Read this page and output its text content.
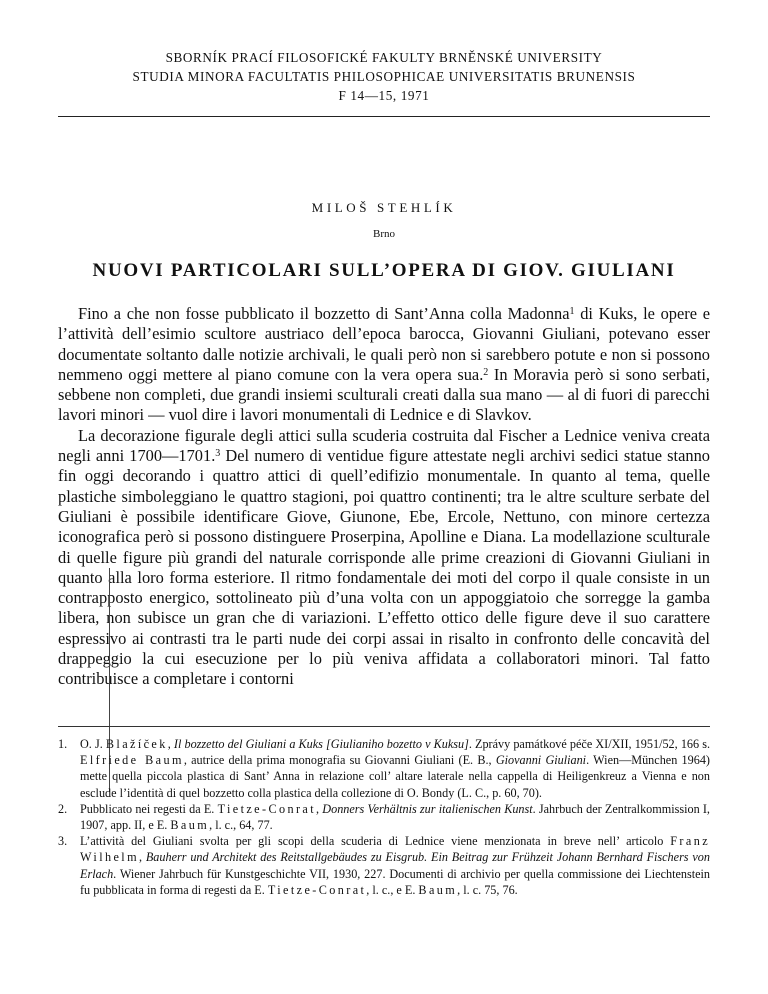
SBORNÍK PRACÍ FILOSOFICKÉ FAKULTY BRNĚNSKÉ UNIVERSITY
STUDIA MINORA FACULTATIS PHILOSOPHICAE UNIVERSITATIS BRUNENSIS
F 14—15, 1971
MILOŠ STEHLÍK
Brno
NUOVI PARTICOLARI SULL’OPERA DI GIOV. GIULIANI

Fino a che non fosse pubblicato il bozzetto di Sant’Anna colla Madonna$^1$ di Kuks, le opere e l’attività dell’esimio scultore austriaco dell’epoca barocca, Giovanni Giuliani, potevano esser documentate soltanto dalle notizie archivali, le quali però non si sarebbero potute e non si possono nemmeno oggi mettere al piano comune con la vera opera sua.$^2$ In Moravia però si sono serbati, sebbene non completi, due grandi insiemi sculturali creati dalla sua mano — al di fuori di parecchi lavori minori — vuol dire i lavori monumentali di Lednice e di Slavkov.

La decorazione figurale degli attici sulla scuderia costruita dal Fischer a Lednice veniva creata negli anni 1700—1701.$^3$ Del numero di ventidue figure attestate negli archivi sedici statue stanno fin oggi decorando i quattro attici di quell’edifizio monumentale. In quanto al tema, quelle plastiche simboleggiano le quattro stagioni, poi quattro continenti; tra le altre sculture serbate del Giuliani è possibile identificare Giove, Giunone, Ebe, Ercole, Nettuno, con minore certezza iconografica però si possono distinguere Proserpina, Apolline e Diana. La modellazione sculturale di quelle figure più grandi del naturale corrisponde alle prime creazioni di Giovanni Giuliani in quanto alla loro forma esteriore. Il ritmo fondamentale dei moti del corpo il quale consiste in un contrapposto energico, sottolineato più d’una volta con un appoggiatoio che sorregge la gamba libera, non subisce un gran che di variazioni. L’effetto ottico delle figure deve il suo carattere espressivo ai contrasti tra le parti nude dei corpi assai in risalto in confronto delle concavità del drappeggio la cui esecuzione per lo più veniva affidata a collaboratori minori. Tal fatto contribuisce a completare i contorni

1.	O. J. Blažíček, Il bozzetto del Giuliani a Kuks [Giulianiho bozetto v Kuksu]. Zprávy památkové péče XI/XII, 1951/52, 166 s. Elfriede Baum, autrice della prima monografia su Giovanni Giuliani (E. B., Giovanni Giuliani. Wien—München 1964) mette quella piccola plastica di Sant’ Anna in relazione coll’ altare laterale nella cappella di Heiligenkreuz a Vienna e non esclude l’identità di quel bozzetto colla plastica della collezione di O. Bondy (L. C., p. 60, 70).
2.	Pubblicato nei regesti da E. Tietze-Conrat, Donners Verhältnis zur italienischen Kunst. Jahrbuch der Zentralkommission I, 1907, app. II, e E. Baum, l. c., 64, 77.
3.	L’attività del Giuliani svolta per gli scopi della scuderia di Lednice viene menzionata in breve nell’ articolo Franz Wilhelm, Bauherr und Architekt des Reitstallgebäudes zu Eisgrub. Ein Beitrag zur Frühzeit Johann Bernhard Fischers von Erlach. Wiener Jahrbuch für Kunstgeschichte VII, 1930, 227. Documenti di archivio per quella commissione dei Liechtenstein fu pubblicata in forma di regesti da E. Tietze-Conrat, l. c., e E. Baum, l. c. 75, 76.
